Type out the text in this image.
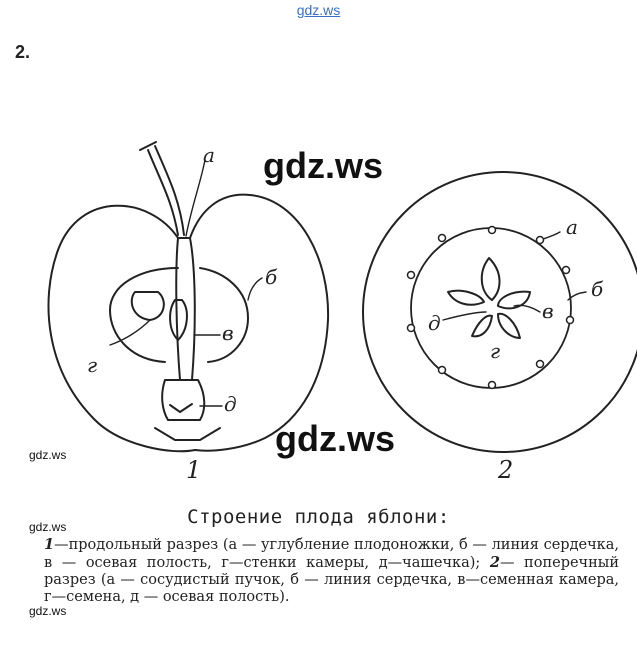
gdz.ws
2.
а
б
в
г
д
1
а
б
в
д
г
2
gdz.ws
gdz.ws
gdz.ws
gdz.ws
gdz.ws
Строение плода яблони:
1—продольный разрез (а — углубление плодоножки, б — линия сердечка, в — осевая полость, г—стенки камеры, д—чашечка); 2— поперечный разрез (а — сосудистый пучок, б — линия сердечка, в—семенная камера, г—семена, д — осевая полость).
